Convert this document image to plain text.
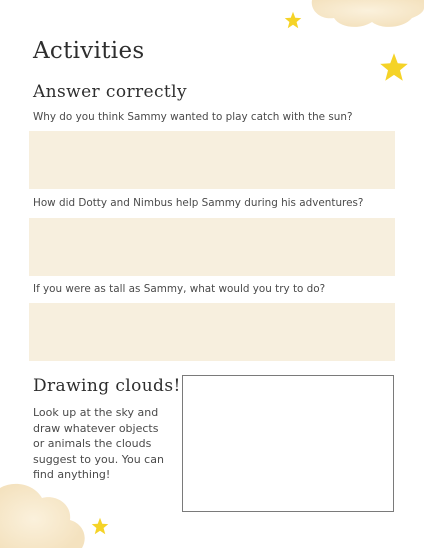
Activities
Answer correctly

Why do you think Sammy wanted to play catch with the sun?

How did Dotty and Nimbus help Sammy during his adventures?

If you were as tall as Sammy, what would you try to do?

Drawing clouds!

Look up at the sky and draw whatever objects or animals the clouds suggest to you. You can find anything!
